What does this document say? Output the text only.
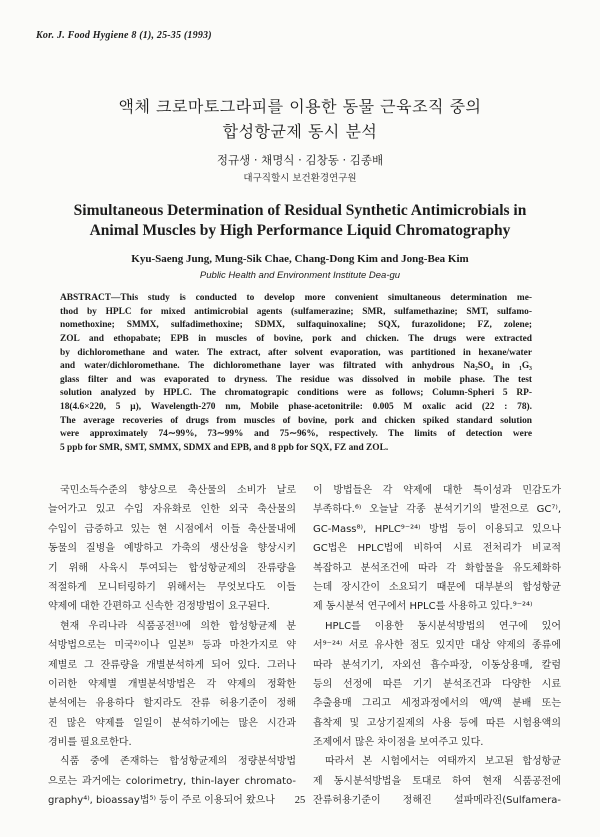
Kor. J. Food Hygiene 8 (1), 25-35 (1993)
액체 크로마토그라피를 이용한 동물 근육조직 중의
합성항균제 동시 분석
정규생 · 채명식 · 김창동 · 김종배
대구직할시 보건환경연구원
Simultaneous Determination of Residual Synthetic Antimicrobials in
Animal Muscles by High Performance Liquid Chromatography
Kyu-Saeng Jung, Mung-Sik Chae, Chang-Dong Kim and Jong-Bea Kim
Public Health and Environment Institute Dea-gu
ABSTRACT—This study is conducted to develop more convenient simultaneous determination me-
thod by HPLC for mixed antimicrobial agents (sulfamerazine; SMR, sulfamethazine; SMT, sulfamo-
nomethoxine; SMMX, sulfadimethoxine; SDMX, sulfaquinoxaline; SQX, furazolidone; FZ, zolene;
ZOL and ethopabate; EPB in muscles of bovine, pork and chicken. The drugs were extracted
by dichloromethane and water. The extract, after solvent evaporation, was partitioned in hexane/water
and water/dichloromethane. The dichloromethane layer was filtrated with anhydrous Na₂SO₄ in ₁G₃
glass filter and was evaporated to dryness. The residue was dissolved in mobile phase. The test
solution analyzed by HPLC. The chromatograpic conditions were as follows; Column-Spheri 5 RP-
18(4.6×220, 5 μ), Wavelength-270 nm, Mobile phase-acetonitrile: 0.005 M oxalic acid (22 : 78).
The average recoveries of drugs from muscles of bovine, pork and chicken spiked standard solution
were approximately 74∼99%, 73∼99% and 75∼96%, respectively. The limits of detection were
5 ppb for SMR, SMT, SMMX, SDMX and EPB, and 8 ppb for SQX, FZ and ZOL.
국민소득수준의 향상으로 축산물의 소비가 날로
늘어가고 있고 수입 자유화로 인한 외국 축산물의
수입이 급증하고 있는 현 시점에서 이들 축산물내에
동물의 질병을 예방하고 가축의 생산성을 향상시키
기 위해 사육시 투여되는 합성항균제의 잔류량을
적절하게 모니터링하기 위해서는 무엇보다도 이들
약제에 대한 간편하고 신속한 검정방법이 요구된다.
현재 우리나라 식품공전¹⁾에 의한 합성항균제 분
석방법으로는 미국²⁾이나 일본³⁾ 등과 마찬가지로 약
제별로 그 잔류량을 개별분석하게 되어 있다. 그러나
이러한 약제별 개별분석방법은 각 약제의 정확한
분석에는 유용하다 할지라도 잔류 허용기준이 정해
진 많은 약제를 일일이 분석하기에는 많은 시간과
경비를 필요로한다.
식품 중에 존재하는 합성항균제의 정량분석방법
으로는 과거에는 colorimetry, thin-layer chromato-
graphy⁴⁾, bioassay법⁵⁾ 등이 주로 이용되어 왔으나
이 방법들은 각 약제에 대한 특이성과 민감도가
부족하다.⁶⁾ 오늘날 각종 분석기기의 발전으로 GC⁷⁾,
GC-Mass⁸⁾, HPLC⁹⁻²⁴⁾ 방법 등이 이용되고 있으나
GC법은 HPLC법에 비하여 시료 전처리가 비교적
복잡하고 분석조건에 따라 각 화합물을 유도체화하
는데 장시간이 소요되기 때문에 대부분의 합성항균
제 동시분석 연구에서 HPLC를 사용하고 있다.⁹⁻²⁴⁾
HPLC를 이용한 동시분석방법의 연구에 있어
서⁹⁻²⁴⁾ 서로 유사한 점도 있지만 대상 약제의 종류에
따라 분석기기, 자외선 흡수파장, 이동상용매, 칼럼
등의 선정에 따른 기기 분석조건과 다양한 시료
추출용매 그리고 세정과정에서의 액/액 분배 또는
흡착제 및 고상기질제의 사용 등에 따른 시험용액의
조제에서 많은 차이점을 보여주고 있다.
따라서 본 시험에서는 여태까지 보고된 합성항균
제 동시분석방법을 토대로 하여 현재 식품공전에
잔류허용기준이 정해진 설파메라진(Sulfamera-
25
